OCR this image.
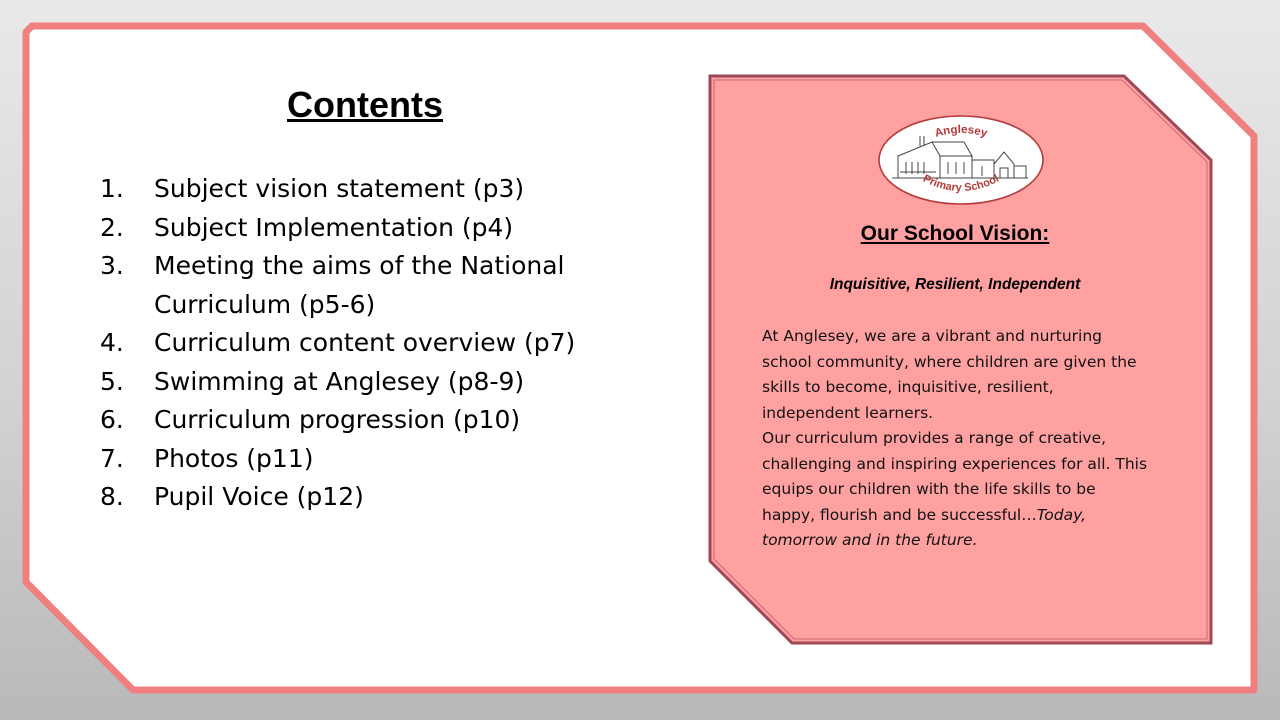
Contents
1.	Subject vision statement (p3)
2.	Subject Implementation (p4)
3.	Meeting the aims of the National Curriculum (p5-6)
4.	Curriculum content overview (p7)
5.	Swimming at Anglesey (p8-9)
6.	Curriculum progression (p10)
7.	Photos (p11)
8.	Pupil Voice (p12)
Anglesey
Primary School
Our School Vision:

Inquisitive, Resilient, Independent

At Anglesey, we are a vibrant and nurturing school community, where children are given the skills to become, inquisitive, resilient, independent learners.

Our curriculum provides a range of creative, challenging and inspiring experiences for all. This equips our children with the life skills to be happy, flourish and be successful…Today, tomorrow and in the future.
